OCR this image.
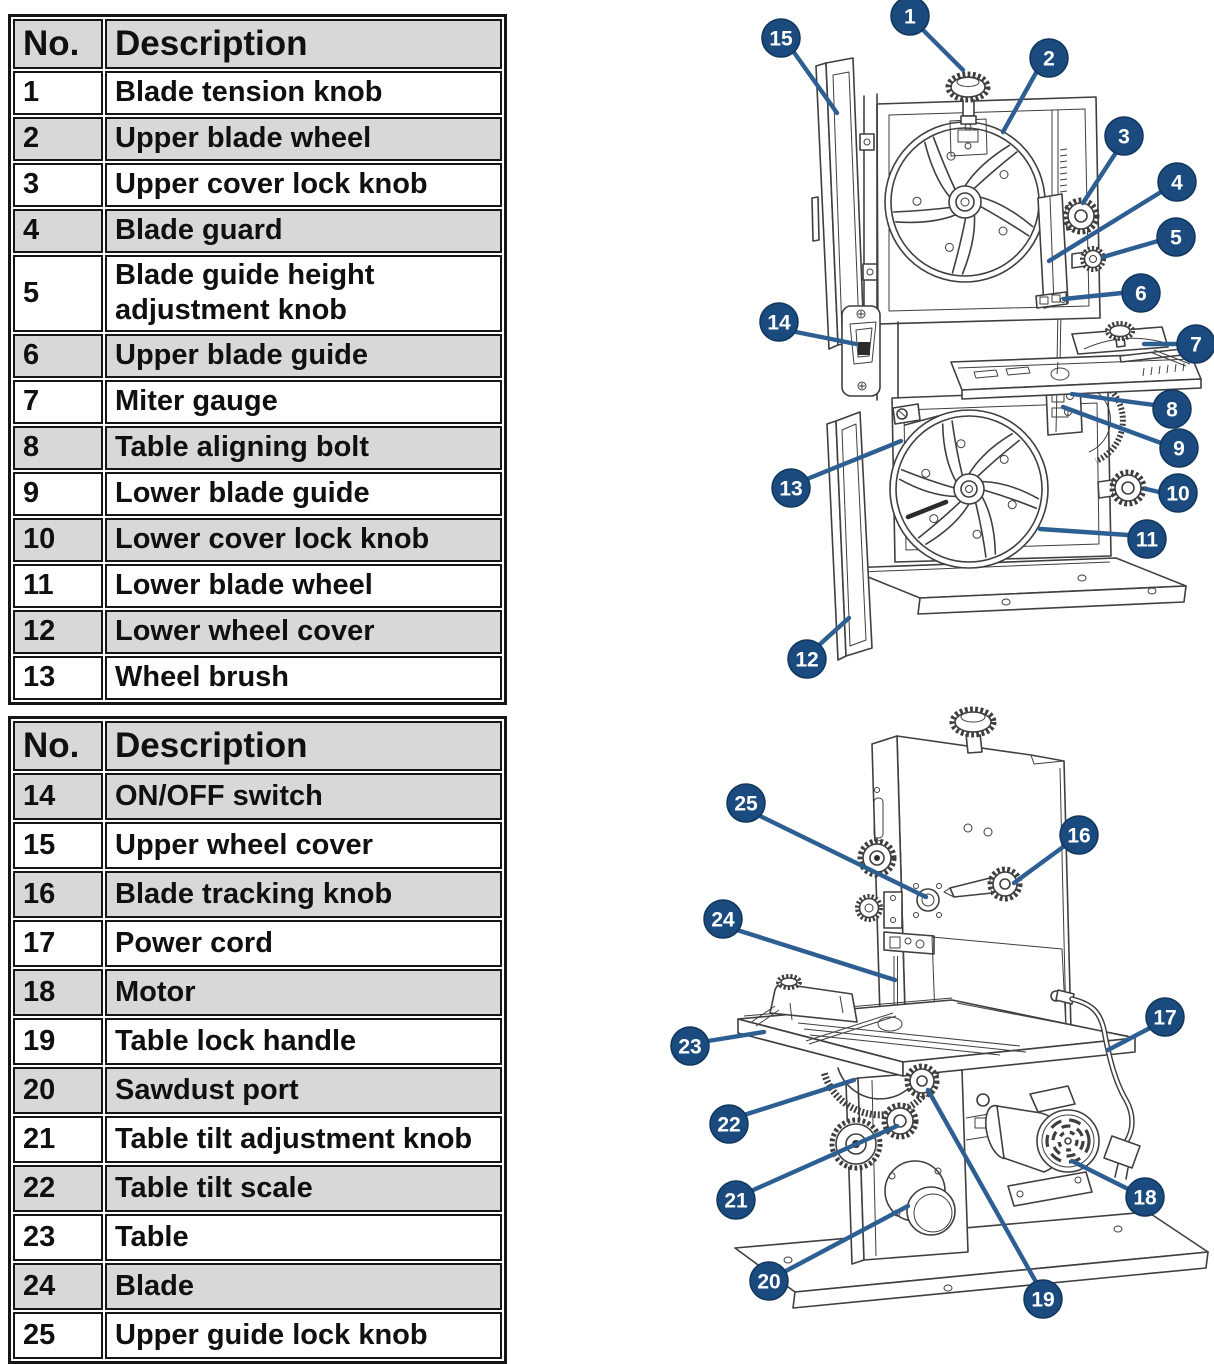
No.	Description
1	Blade tension knob
2	Upper blade wheel
3	Upper cover lock knob
4	Blade guard
5	Blade guide height adjustment knob
6	Upper blade guide
7	Miter gauge
8	Table aligning bolt
9	Lower blade guide
10	Lower cover lock knob
11	Lower blade wheel
12	Lower wheel cover
13	Wheel brush
No.	Description
14	ON/OFF switch
15	Upper wheel cover
16	Blade tracking knob
17	Power cord
18	Motor
19	Table lock handle
20	Sawdust port
21	Table tilt adjustment knob
22	Table tilt scale
23	Table
24	Blade
25	Upper guide lock knob
1
2
3
4
5
6
7
8
9
10
11
12
13
14
15
16
17
18
19
20
21
22
23
24
25
